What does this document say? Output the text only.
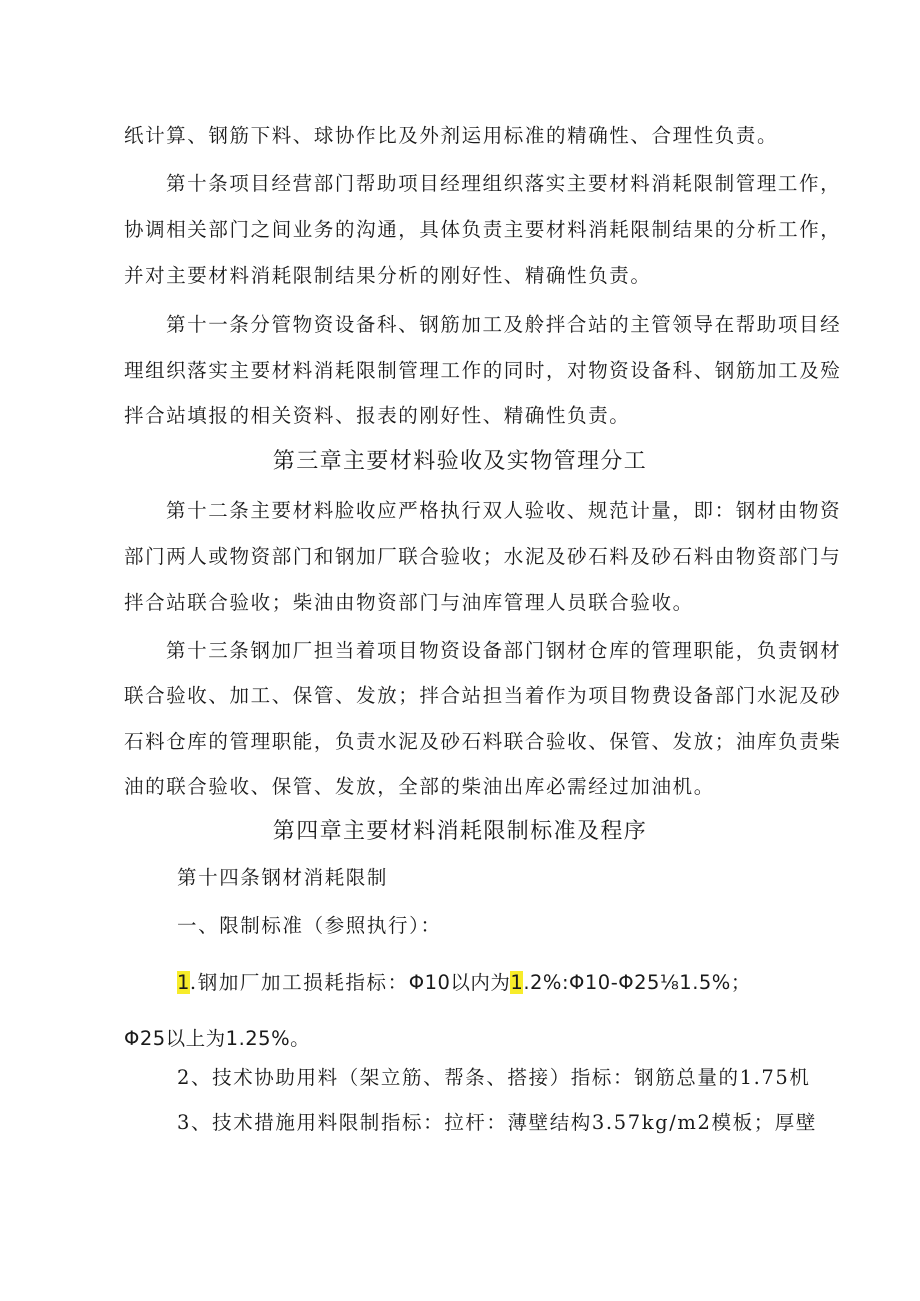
纸计算、钢筋下料、球协作比及外剂运用标准的精确性、合理性负责。
第十条项目经营部门帮助项目经理组织落实主要材料消耗限制管理工作，
协调相关部门之间业务的沟通，具体负责主要材料消耗限制结果的分析工作，
并对主要材料消耗限制结果分析的刚好性、精确性负责。
第十一条分管物资设备科、钢筋加工及舲拌合站的主管领导在帮助项目经
理组织落实主要材料消耗限制管理工作的同时，对物资设备科、钢筋加工及殓
拌合站填报的相关资料、报表的刚好性、精确性负责。
第三章主要材料验收及实物管理分工
第十二条主要材料脸收应严格执行双人验收、规范计量，即：钢材由物资
部门两人或物资部门和钢加厂联合验收；水泥及砂石料及砂石料由物资部门与
拌合站联合验收；柴油由物资部门与油库管理人员联合验收。
第十三条钢加厂担当着项目物资设备部门钢材仓库的管理职能，负责钢材
联合验收、加工、保管、发放；拌合站担当着作为项目物费设备部门水泥及砂
石料仓库的管理职能，负责水泥及砂石料联合验收、保管、发放；油库负责柴
油的联合验收、保管、发放，全部的柴油出库必需经过加油机。
第四章主要材料消耗限制标准及程序
第十四条钢材消耗限制
一、限制标准（参照执行）：
1.钢加厂加工损耗指标：Φ10以内为1.2%:Φ10-Φ25⅛1.5%；
Φ25以上为1.25%。
2、技术协助用料（架立筋、帮条、搭接）指标：钢筋总量的1.75机
3、技术措施用料限制指标：拉杆：薄壁结构3.57kg∕m2模板；厚壁
